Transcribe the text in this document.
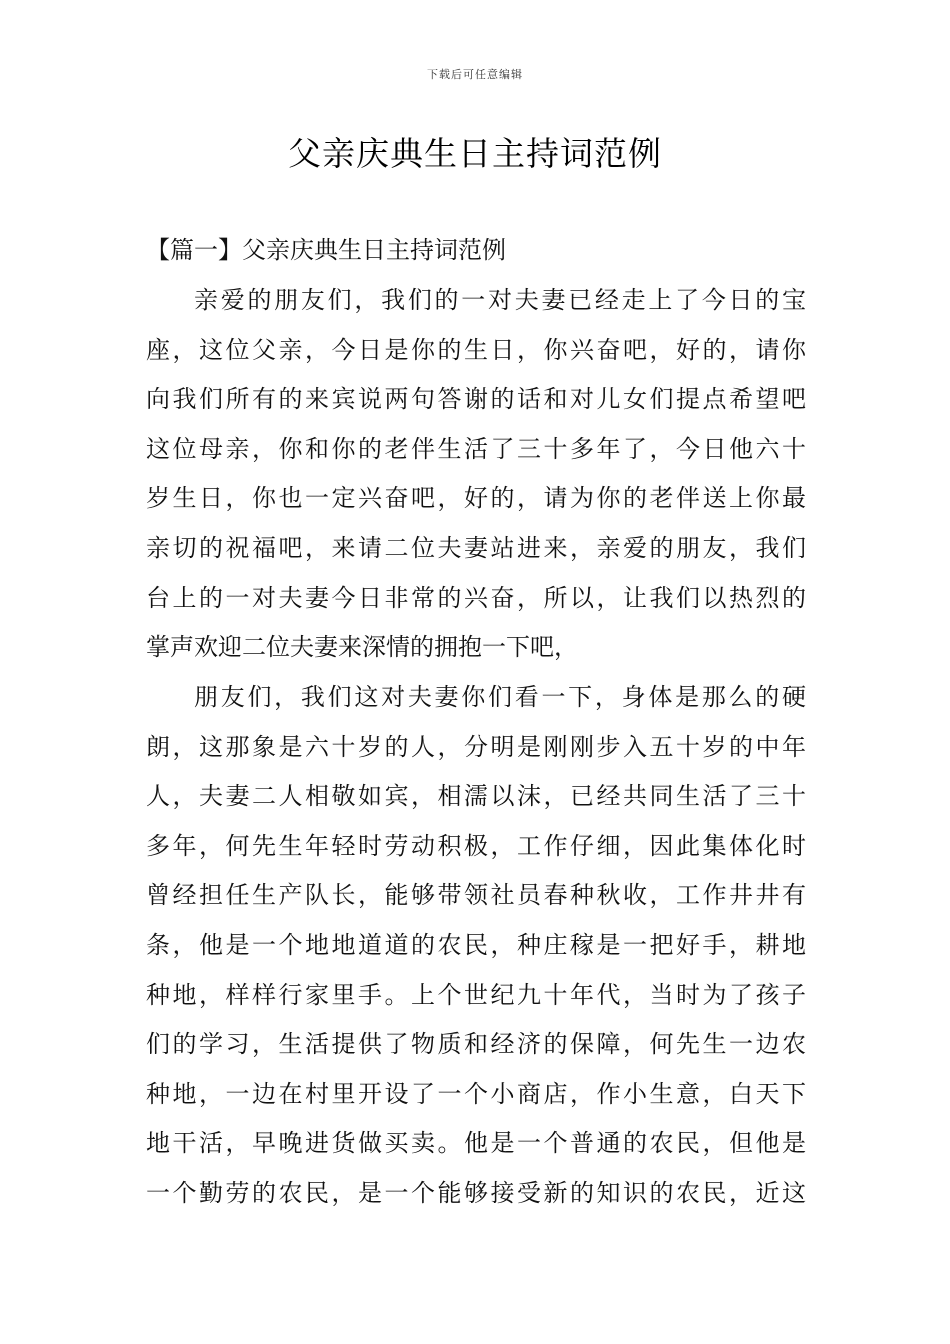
下载后可任意编辑
父亲庆典生日主持词范例
【篇一】父亲庆典生日主持词范例
亲爱的朋友们，我们的一对夫妻已经走上了今日的宝
座，这位父亲，今日是你的生日，你兴奋吧，好的，请你
向我们所有的来宾说两句答谢的话和对儿女们提点希望吧
这位母亲，你和你的老伴生活了三十多年了，今日他六十
岁生日，你也一定兴奋吧，好的，请为你的老伴送上你最
亲切的祝福吧，来请二位夫妻站进来，亲爱的朋友，我们
台上的一对夫妻今日非常的兴奋，所以，让我们以热烈的
掌声欢迎二位夫妻来深情的拥抱一下吧，
朋友们，我们这对夫妻你们看一下，身体是那么的硬
朗，这那象是六十岁的人，分明是刚刚步入五十岁的中年
人，夫妻二人相敬如宾，相濡以沫，已经共同生活了三十
多年，何先生年轻时劳动积极，工作仔细，因此集体化时
曾经担任生产队长，能够带领社员春种秋收，工作井井有
条，他是一个地地道道的农民，种庄稼是一把好手，耕地
种地，样样行家里手。上个世纪九十年代，当时为了孩子
们的学习，生活提供了物质和经济的保障，何先生一边农
种地，一边在村里开设了一个小商店，作小生意，白天下
地干活，早晚进货做买卖。他是一个普通的农民，但他是
一个勤劳的农民，是一个能够接受新的知识的农民，近这
